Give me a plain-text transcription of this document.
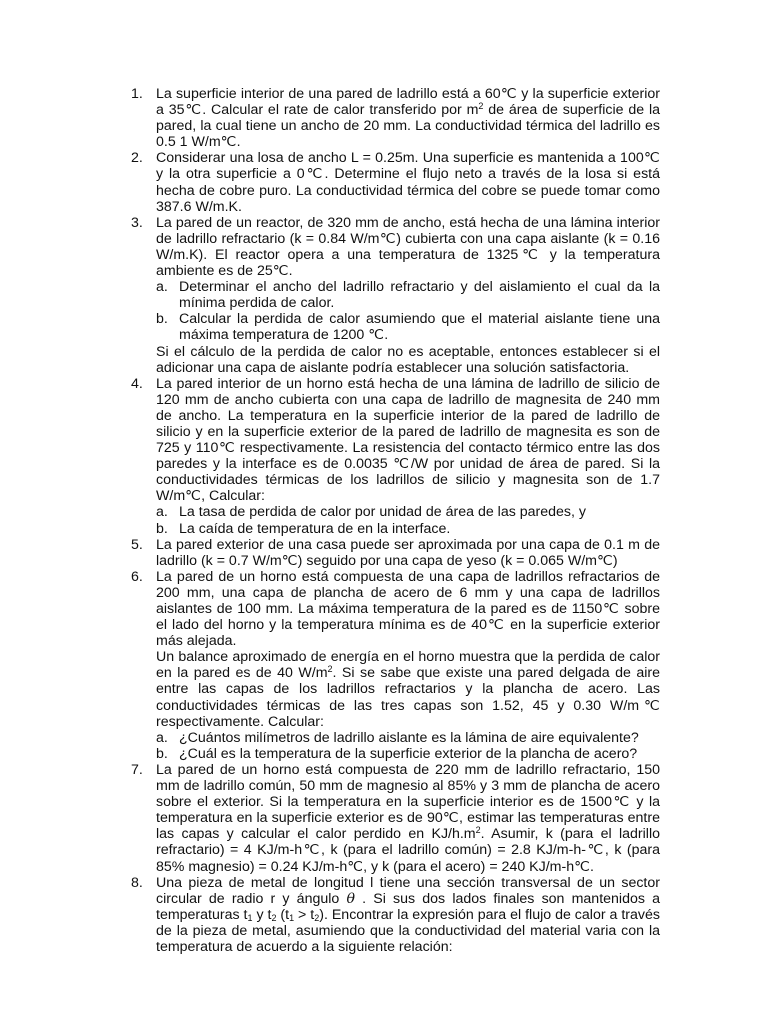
1. La superficie interior de una pared de ladrillo está a 60℃ y la superficie exterior a 35℃. Calcular el rate de calor transferido por $m^2$ de área de superficie de la pared, la cual tiene un ancho de 20 mm. La conductividad térmica del ladrillo es 0.5 1 W/m℃.
2. Considerar una losa de ancho L = 0.25m. Una superficie es mantenida a 100℃ y la otra superficie a 0℃. Determine el flujo neto a través de la losa si está hecha de cobre puro. La conductividad térmica del cobre se puede tomar como 387.6 W/m.K.
3. La pared de un reactor, de 320 mm de ancho, está hecha de una lámina interior de ladrillo refractario (k = 0.84 W/m℃) cubierta con una capa aislante (k = 0.16 W/m.K). El reactor opera a una temperatura de 1325℃ y la temperatura ambiente es de 25℃.

a. Determinar el ancho del ladrillo refractario y del aislamiento el cual da la mínima perdida de calor.
b. Calcular la perdida de calor asumiendo que el material aislante tiene una máxima temperatura de 1200 ℃.

Si el cálculo de la perdida de calor no es aceptable, entonces establecer si el adicionar una capa de aislante podría establecer una solución satisfactoria.

4. La pared interior de un horno está hecha de una lámina de ladrillo de silicio de 120 mm de ancho cubierta con una capa de ladrillo de magnesita de 240 mm de ancho. La temperatura en la superficie interior de la pared de ladrillo de silicio y en la superficie exterior de la pared de ladrillo de magnesita es son de 725 y 110℃ respectivamente. La resistencia del contacto térmico entre las dos paredes y la interface es de 0.0035 ℃/W por unidad de área de pared. Si la conductividades térmicas de los ladrillos de silicio y magnesita son de 1.7 W/m℃, Calcular:

a. La tasa de perdida de calor por unidad de área de las paredes, y
b. La caída de temperatura de en la interface.
5. La pared exterior de una casa puede ser aproximada por una capa de 0.1 m de ladrillo (k = 0.7 W/m℃) seguido por una capa de yeso (k = 0.065 W/m℃)
6. La pared de un horno está compuesta de una capa de ladrillos refractarios de 200 mm, una capa de plancha de acero de 6 mm y una capa de ladrillos aislantes de 100 mm. La máxima temperatura de la pared es de 1150℃ sobre el lado del horno y la temperatura mínima es de 40℃ en la superficie exterior más alejada.

Un balance aproximado de energía en el horno muestra que la perdida de calor en la pared es de 40 $W/m^2$. Si se sabe que existe una pared delgada de aire entre las capas de los ladrillos refractarios y la plancha de acero. Las conductividades térmicas de las tres capas son 1.52, 45 y 0.30 W/m℃ respectivamente. Calcular:

a. ¿Cuántos milímetros de ladrillo aislante es la lámina de aire equivalente?
b. ¿Cuál es la temperatura de la superficie exterior de la plancha de acero?
7. La pared de un horno está compuesta de 220 mm de ladrillo refractario, 150 mm de ladrillo común, 50 mm de magnesio al 85% y 3 mm de plancha de acero sobre el exterior. Si la temperatura en la superficie interior es de 1500℃ y la temperatura en la superficie exterior es de 90℃, estimar las temperaturas entre las capas y calcular el calor perdido en $KJ/h.m^2$. Asumir, k (para el ladrillo refractario) = 4 KJ/m-h℃, k (para el ladrillo común) = 2.8 KJ/m-h-℃, k (para 85% magnesio) = 0.24 KJ/m-h℃, y k (para el acero) = 240 KJ/m-h℃.
8. Una pieza de metal de longitud l tiene una sección transversal de un sector circular de radio r y ángulo θ . Si sus dos lados finales son mantenidos a temperaturas $t_1$ y $t_2$ $(t_1 > t_2)$. Encontrar la expresión para el flujo de calor a través de la pieza de metal, asumiendo que la conductividad del material varia con la temperatura de acuerdo a la siguiente relación:
